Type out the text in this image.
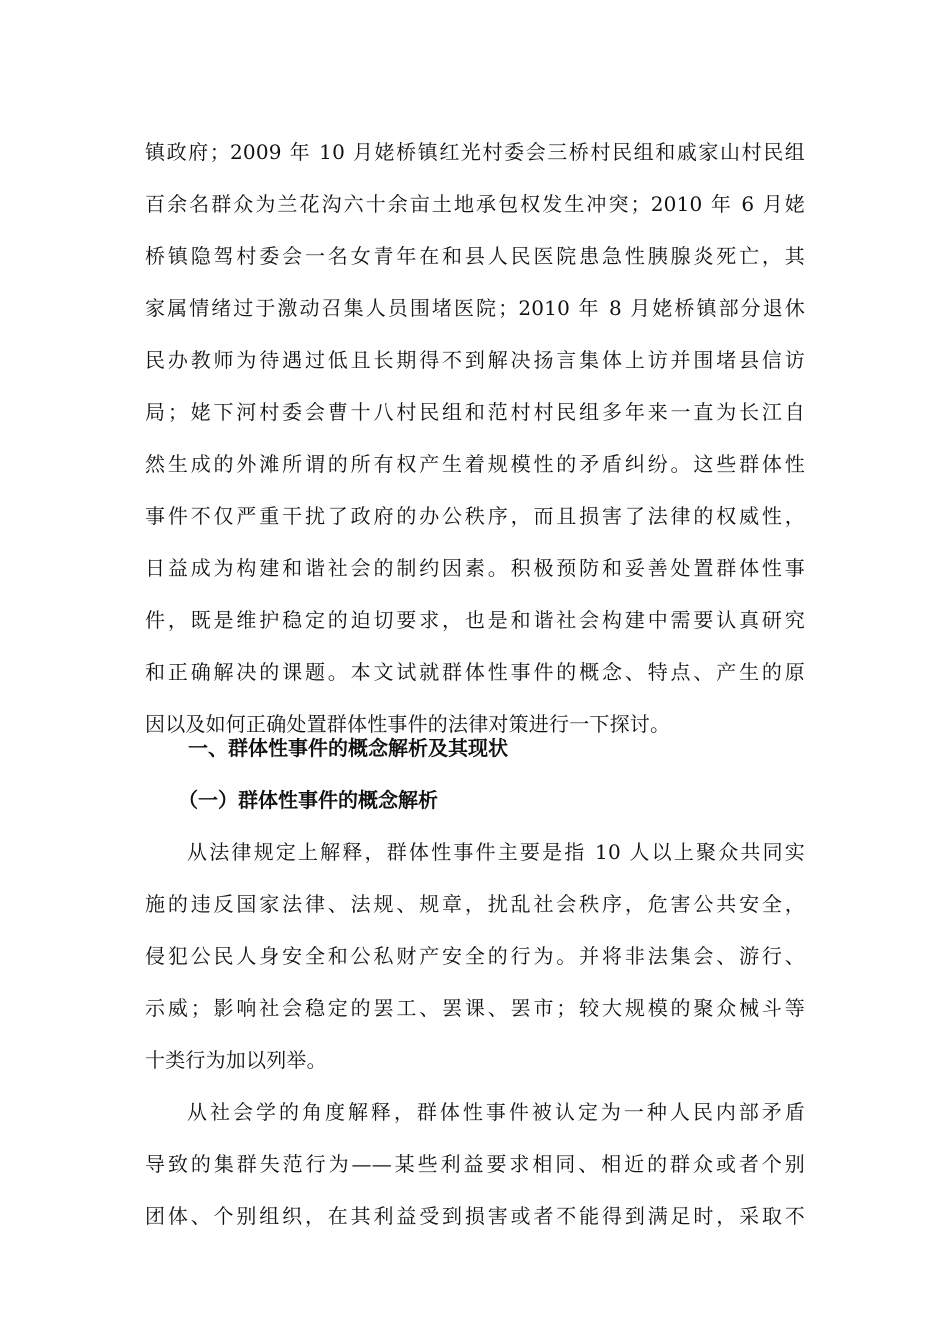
镇政府；2009 年 10 月姥桥镇红光村委会三桥村民组和戚家山村民组
百余名群众为兰花沟六十余亩土地承包权发生冲突；2010 年 6 月姥
桥镇隐驾村委会一名女青年在和县人民医院患急性胰腺炎死亡，其
家属情绪过于激动召集人员围堵医院；2010 年 8 月姥桥镇部分退休
民办教师为待遇过低且长期得不到解决扬言集体上访并围堵县信访
局；姥下河村委会曹十八村民组和范村村民组多年来一直为长江自
然生成的外滩所谓的所有权产生着规模性的矛盾纠纷。这些群体性
事件不仅严重干扰了政府的办公秩序，而且损害了法律的权威性，
日益成为构建和谐社会的制约因素。积极预防和妥善处置群体性事
件，既是维护稳定的迫切要求，也是和谐社会构建中需要认真研究
和正确解决的课题。本文试就群体性事件的概念、特点、产生的原
因以及如何正确处置群体性事件的法律对策进行一下探讨。
一、群体性事件的概念解析及其现状
（一）群体性事件的概念解析
从法律规定上解释，群体性事件主要是指 10 人以上聚众共同实
施的违反国家法律、法规、规章，扰乱社会秩序，危害公共安全，
侵犯公民人身安全和公私财产安全的行为。并将非法集会、游行、
示威；影响社会稳定的罢工、罢课、罢市；较大规模的聚众械斗等
十类行为加以列举。
从社会学的角度解释，群体性事件被认定为一种人民内部矛盾
导致的集群失范行为——某些利益要求相同、相近的群众或者个别
团体、个别组织，在其利益受到损害或者不能得到满足时，采取不
